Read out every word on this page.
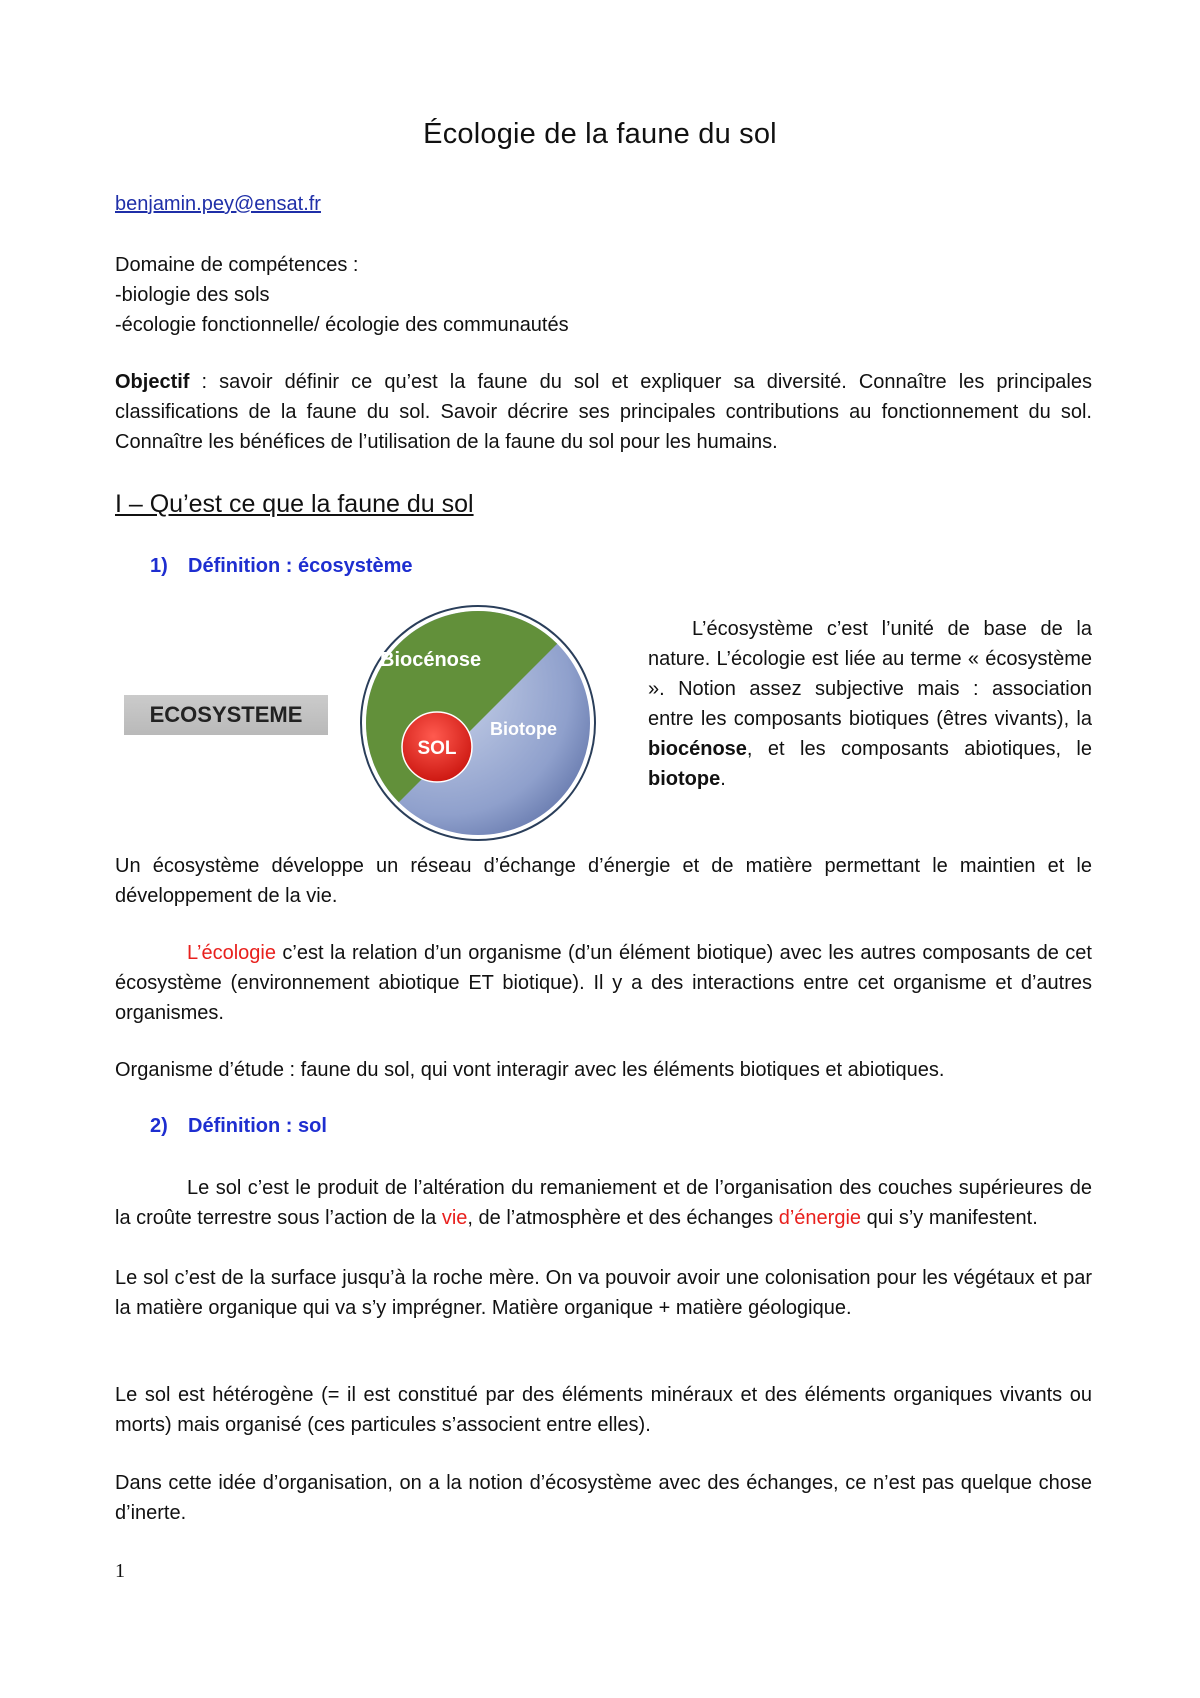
Écologie de la faune du sol
benjamin.pey@ensat.fr
Domaine de compétences :
-biologie des sols
-écologie fonctionnelle/ écologie des communautés
Objectif : savoir définir ce qu’est la faune du sol et expliquer sa diversité. Connaître les principales classifications de la faune du sol. Savoir décrire ses principales contributions au fonctionnement du sol. Connaître les bénéfices de l’utilisation de la faune du sol pour les humains.
I – Qu’est ce que la faune du sol
1) Définition : écosystème
ECOSYSTEME
Biocénose
Biotope
SOL
L’écosystème c’est l’unité de base de la nature. L’écologie est liée au terme « écosystème ». Notion assez subjective mais : association entre les composants biotiques (êtres vivants), la biocénose, et les composants abiotiques, le biotope.
Un écosystème développe un réseau d’échange d’énergie et de matière permettant le maintien et le développement de la vie.
L’écologie c’est la relation d’un organisme (d’un élément biotique) avec les autres composants de cet écosystème (environnement abiotique ET biotique). Il y a des interactions entre cet organisme et d’autres organismes.
Organisme d’étude : faune du sol, qui vont interagir avec les éléments biotiques et abiotiques.
2) Définition : sol
Le sol c’est le produit de l’altération du remaniement et de l’organisation des couches supérieures de la croûte terrestre sous l’action de la vie, de l’atmosphère et des échanges d’énergie qui s’y manifestent.
Le sol c’est de la surface jusqu’à la roche mère. On va pouvoir avoir une colonisation pour les végétaux et par la matière organique qui va s’y imprégner. Matière organique + matière géologique.
Le sol est hétérogène (= il est constitué par des éléments minéraux et des éléments organiques vivants ou morts) mais organisé (ces particules s’associent entre elles).
Dans cette idée d’organisation, on a la notion d’écosystème avec des échanges, ce n’est pas quelque chose d’inerte.
1
